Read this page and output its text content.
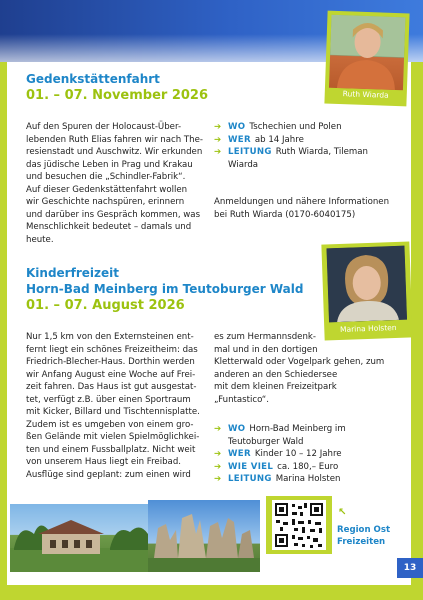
Ruth Wiarda
Gedenkstättenfahrt
01. – 07. November 2026

Auf den Spuren der Holocaust-Über-

lebenden Ruth Elias fahren wir nach The-

resienstadt und Auschwitz. Wir erkunden

das jüdische Leben in Prag und Krakau

und besuchen die „Schindler-Fabrik“.

Auf dieser Gedenkstättenfahrt wollen

wir Geschichte nachspüren, erinnern

und darüber ins Gespräch kommen, was

Menschlichkeit bedeutet – damals und

heute.

➔ WO Tschechien und Polen
➔ WER ab 14 Jahre
➔ LEITUNG Ruth Wiarda, Tileman
Wiarda

Anmeldungen und nähere Informationen

bei Ruth Wiarda (0170-6040175)

Marina Holsten
Kinderfreizeit
Horn-Bad Meinberg im Teutoburger Wald
01. – 07. August 2026

Nur 1,5 km von den Externsteinen ent-

fernt liegt ein schönes Freizeitheim: das

Friedrich-Blecher-Haus. Dorthin werden

wir Anfang August eine Woche auf Frei-

zeit fahren. Das Haus ist gut ausgestat-

tet, verfügt z.B. über einen Sportraum

mit Kicker, Billard und Tischtennisplatte.

Zudem ist es umgeben von einem gro-

ßen Gelände mit vielen Spielmöglichkei-

ten und einem Fussballplatz. Nicht weit

von unserem Haus liegt ein Freibad.

Ausflüge sind geplant: zum einen wird

es zum Hermannsdenk-

mal und in den dortigen

Kletterwald oder Vogelpark gehen, zum

anderen an den Schiedersee

mit dem kleinen Freizeitpark

„Funtastico“.

➔ WO Horn-Bad Meinberg im
Teutoburger Wald
➔ WER Kinder 10 – 12 Jahre
➔ WIE VIEL ca. 180,– Euro
➔ LEITUNG Marina Holsten
↖
Region Ost
Freizeiten
13
